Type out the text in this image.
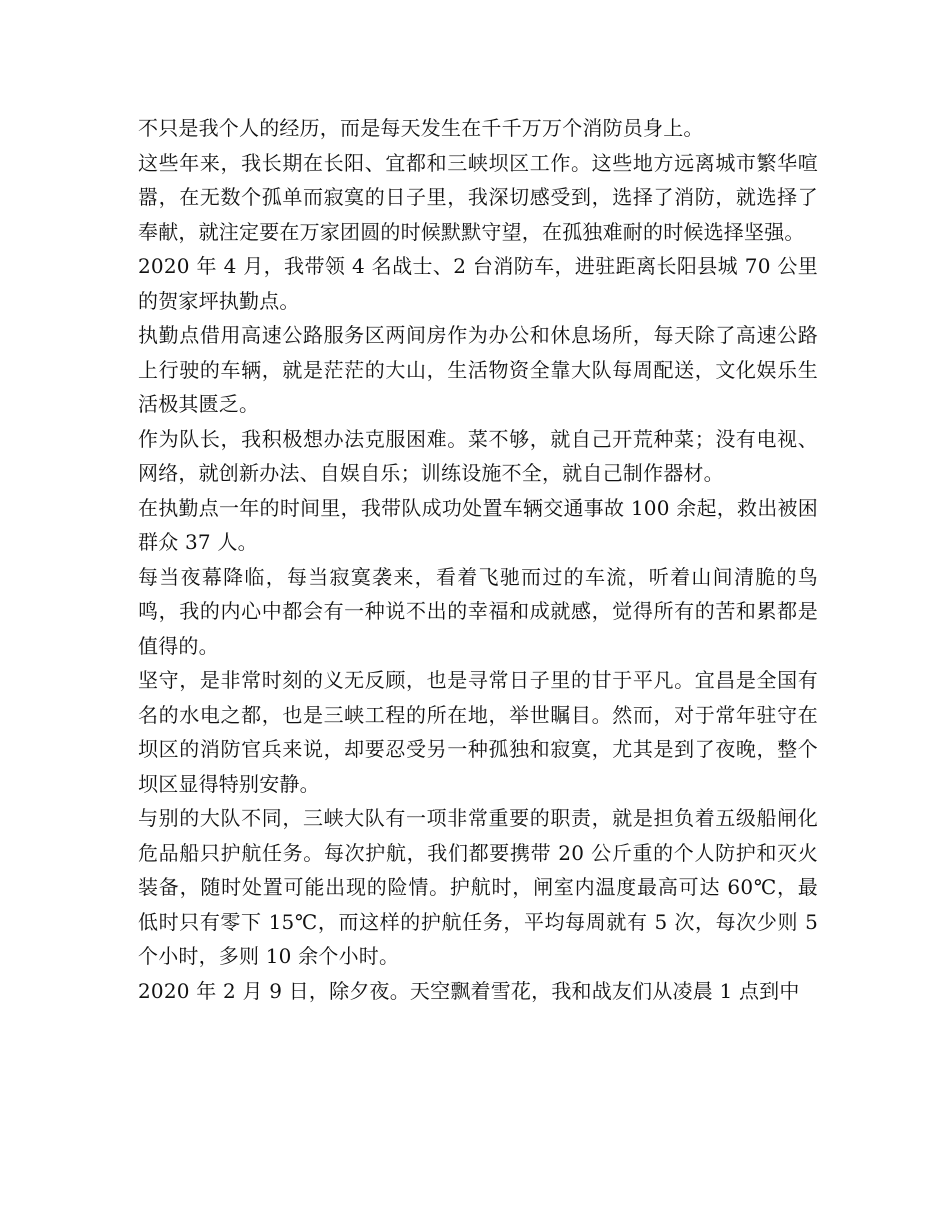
不只是我个人的经历，而是每天发生在千千万万个消防员身上。

这些年来，我长期在长阳、宜都和三峡坝区工作。这些地方远离城市繁华喧嚣，在无数个孤单而寂寞的日子里，我深切感受到，选择了消防，就选择了奉献，就注定要在万家团圆的时候默默守望，在孤独难耐的时候选择坚强。

2020 年 4 月，我带领 4 名战士、2 台消防车，进驻距离长阳县城 70 公里的贺家坪执勤点。

执勤点借用高速公路服务区两间房作为办公和休息场所，每天除了高速公路上行驶的车辆，就是茫茫的大山，生活物资全靠大队每周配送，文化娱乐生活极其匮乏。

作为队长，我积极想办法克服困难。菜不够，就自己开荒种菜；没有电视、网络，就创新办法、自娱自乐；训练设施不全，就自己制作器材。

在执勤点一年的时间里，我带队成功处置车辆交通事故 100 余起，救出被困群众 37 人。

每当夜幕降临，每当寂寞袭来，看着飞驰而过的车流，听着山间清脆的鸟鸣，我的内心中都会有一种说不出的幸福和成就感，觉得所有的苦和累都是值得的。

坚守，是非常时刻的义无反顾，也是寻常日子里的甘于平凡。宜昌是全国有名的水电之都，也是三峡工程的所在地，举世瞩目。然而，对于常年驻守在坝区的消防官兵来说，却要忍受另一种孤独和寂寞，尤其是到了夜晚，整个坝区显得特别安静。

与别的大队不同，三峡大队有一项非常重要的职责，就是担负着五级船闸化危品船只护航任务。每次护航，我们都要携带 20 公斤重的个人防护和灭火装备，随时处置可能出现的险情。护航时，闸室内温度最高可达 60℃，最低时只有零下 15℃，而这样的护航任务，平均每周就有 5 次，每次少则 5 个小时，多则 10 余个小时。

2020 年 2 月 9 日，除夕夜。天空飘着雪花，我和战友们从凌晨 1 点到中
